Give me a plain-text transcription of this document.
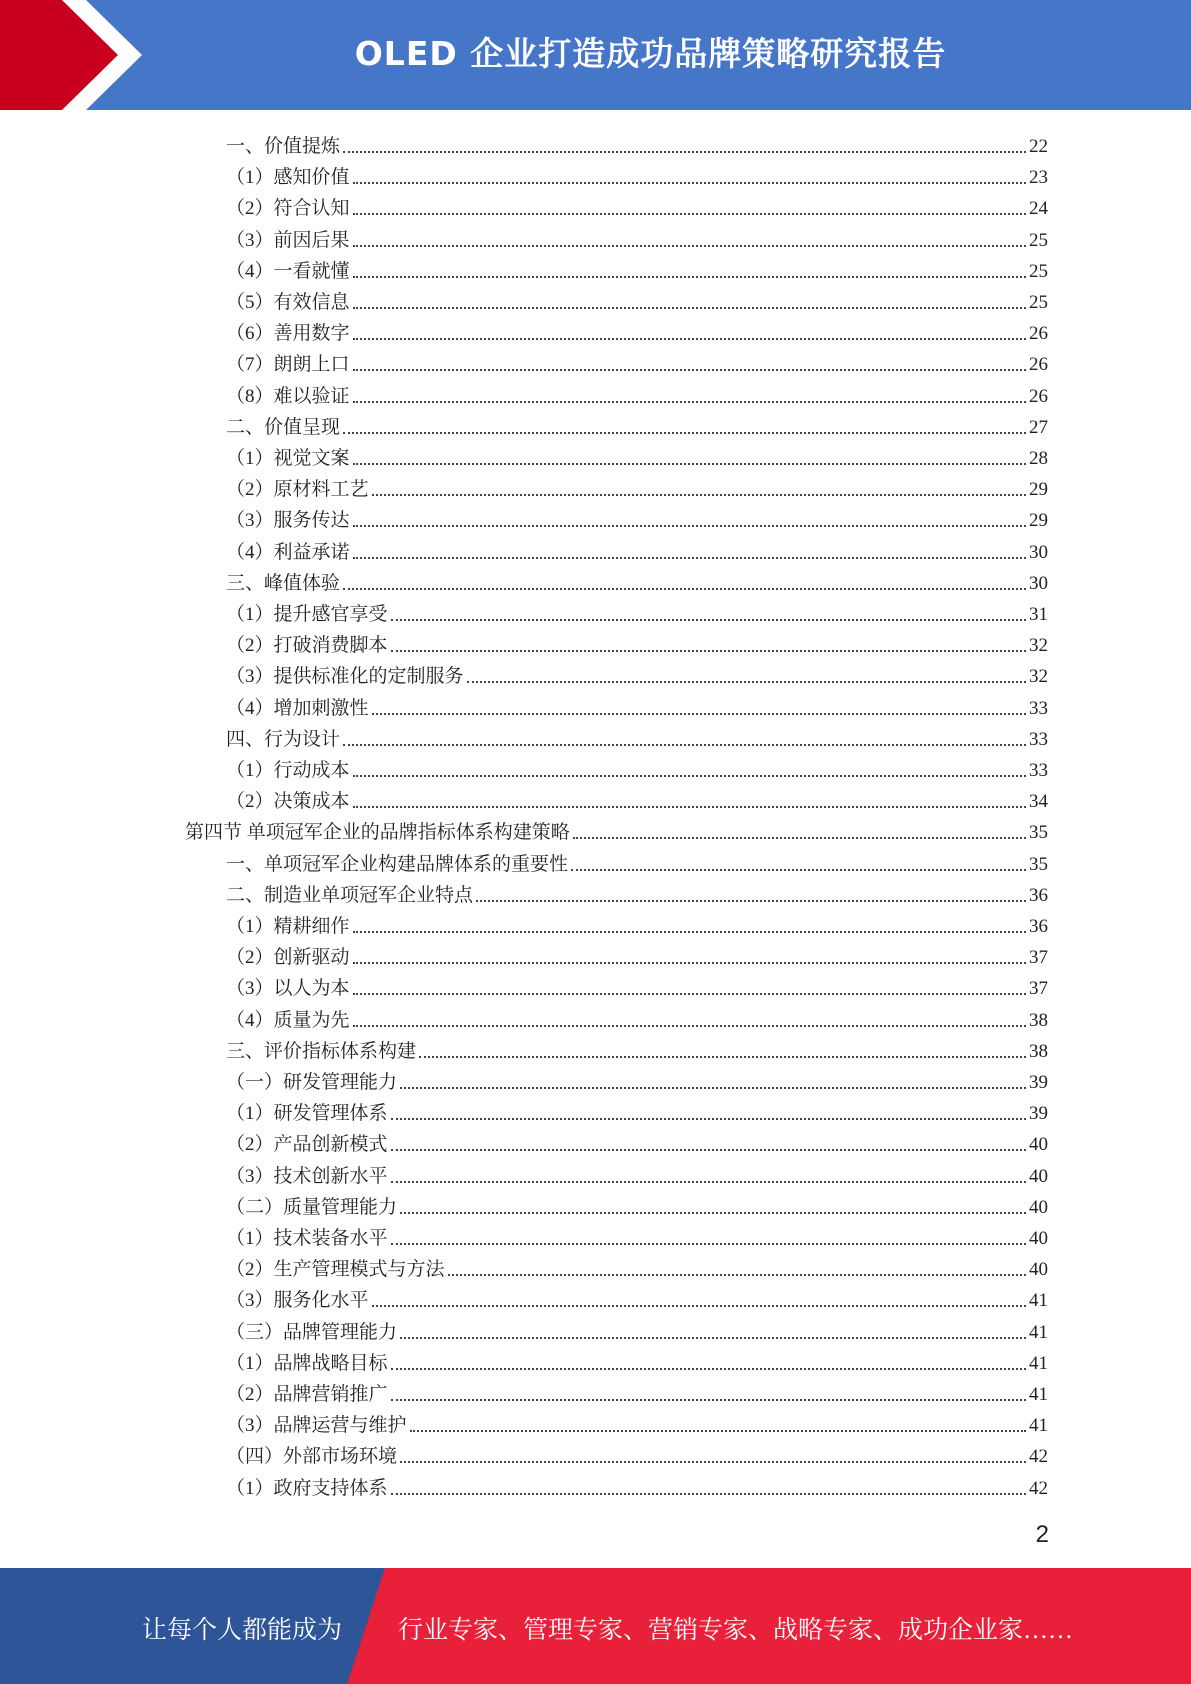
OLED 企业打造成功品牌策略研究报告
一、价值提炼	22
（1）感知价值	23
（2）符合认知	24
（3）前因后果	25
（4）一看就懂	25
（5）有效信息	25
（6）善用数字	26
（7）朗朗上口	26
（8）难以验证	26
二、价值呈现	27
（1）视觉文案	28
（2）原材料工艺	29
（3）服务传达	29
（4）利益承诺	30
三、峰值体验	30
（1）提升感官享受	31
（2）打破消费脚本	32
（3）提供标准化的定制服务	32
（4）增加刺激性	33
四、行为设计	33
（1）行动成本	33
（2）决策成本	34
第四节 单项冠军企业的品牌指标体系构建策略	35
一、单项冠军企业构建品牌体系的重要性	35
二、制造业单项冠军企业特点	36
（1）精耕细作	36
（2）创新驱动	37
（3）以人为本	37
（4）质量为先	38
三、评价指标体系构建	38
（一）研发管理能力	39
（1）研发管理体系	39
（2）产品创新模式	40
（3）技术创新水平	40
（二）质量管理能力	40
（1）技术装备水平	40
（2）生产管理模式与方法	40
（3）服务化水平	41
（三）品牌管理能力	41
（1）品牌战略目标	41
（2）品牌营销推广	41
（3）品牌运营与维护	41
（四）外部市场环境	42
（1）政府支持体系	42
2
让每个人都能成为 行业专家、管理专家、营销专家、战略专家、成功企业家……
